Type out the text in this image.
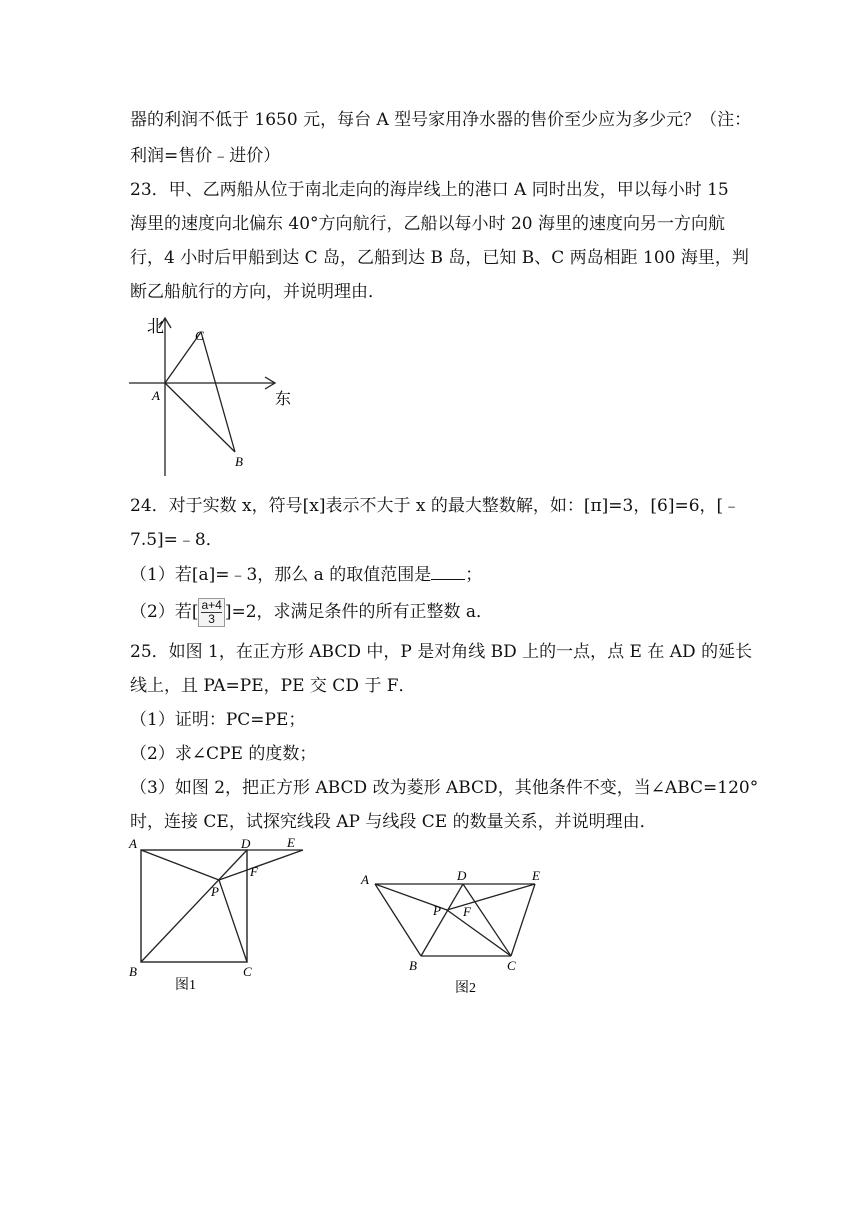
器的利润不低于 1650 元，每台 A 型号家用净水器的售价至少应为多少元？（注：
利润=售价﹣进价）
23．甲、乙两船从位于南北走向的海岸线上的港口 A 同时出发，甲以每小时 15
海里的速度向北偏东 40°方向航行，乙船以每小时 20 海里的速度向另一方向航
行，4 小时后甲船到达 C 岛，乙船到达 B 岛，已知 B、C 两岛相距 100 海里，判
断乙船航行的方向，并说明理由．
北
东
A
C
B
24．对于实数 x，符号[x]表示不大于 x 的最大整数解，如：[π]=3，[6]=6，[﹣
7.5]=﹣8．
（1）若[a]=﹣3，那么 a 的取值范围是 ；
（2）若[ $\frac{a+4}{3} ]=2$，求满足条件的所有正整数 a．
25．如图 1，在正方形 ABCD 中，P 是对角线 BD 上的一点，点 E 在 AD 的延长
线上，且 PA=PE，PE 交 CD 于 F．
（1）证明：PC=PE；
（2）求∠CPE 的度数；
（3）如图 2，把正方形 ABCD 改为菱形 ABCD，其他条件不变，当∠ABC=120°
时，连接 CE，试探究线段 AP 与线段 CE 的数量关系，并说明理由．
A	D	E
F
P
B	C
图1
A	D	E
P F
B	C
图2
